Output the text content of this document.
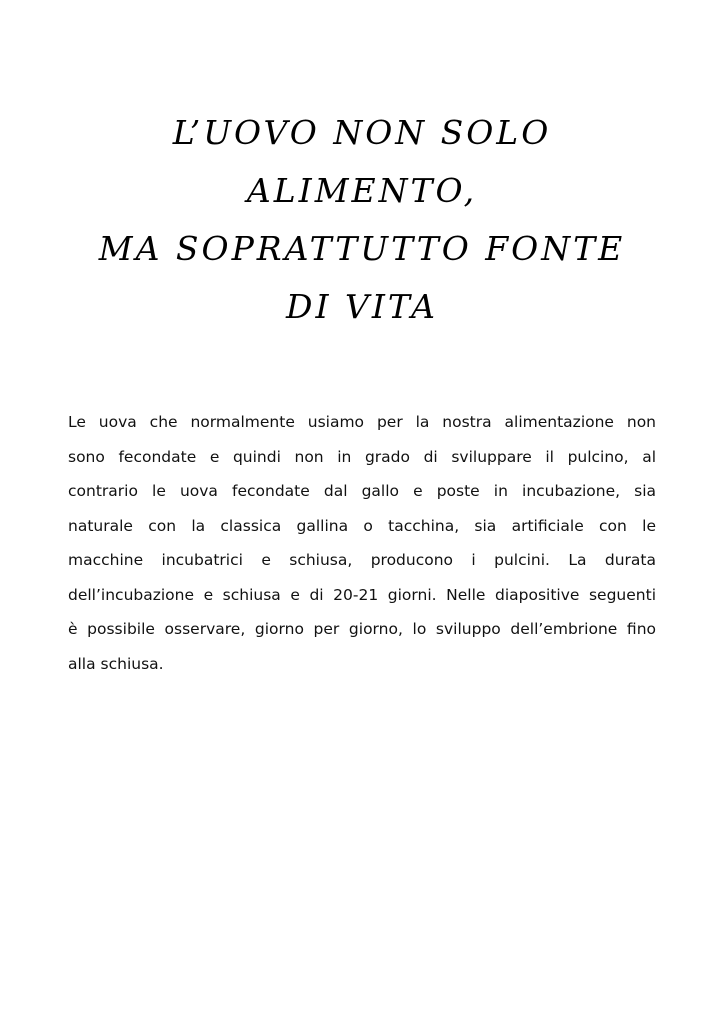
L’UOVO NON SOLO
ALIMENTO,
MA SOPRATTUTTO FONTE
DI VITA

Le uova che normalmente usiamo per la nostra alimentazione non
sono fecondate e quindi non in grado di sviluppare il pulcino, al
contrario le uova fecondate dal gallo e poste in incubazione, sia
naturale con la classica gallina o tacchina, sia artificiale con le
macchine incubatrici e schiusa, producono i pulcini. La durata
dell’incubazione e schiusa e di 20-21 giorni. Nelle diapositive seguenti
è possibile osservare, giorno per giorno, lo sviluppo dell’embrione fino
alla schiusa.
